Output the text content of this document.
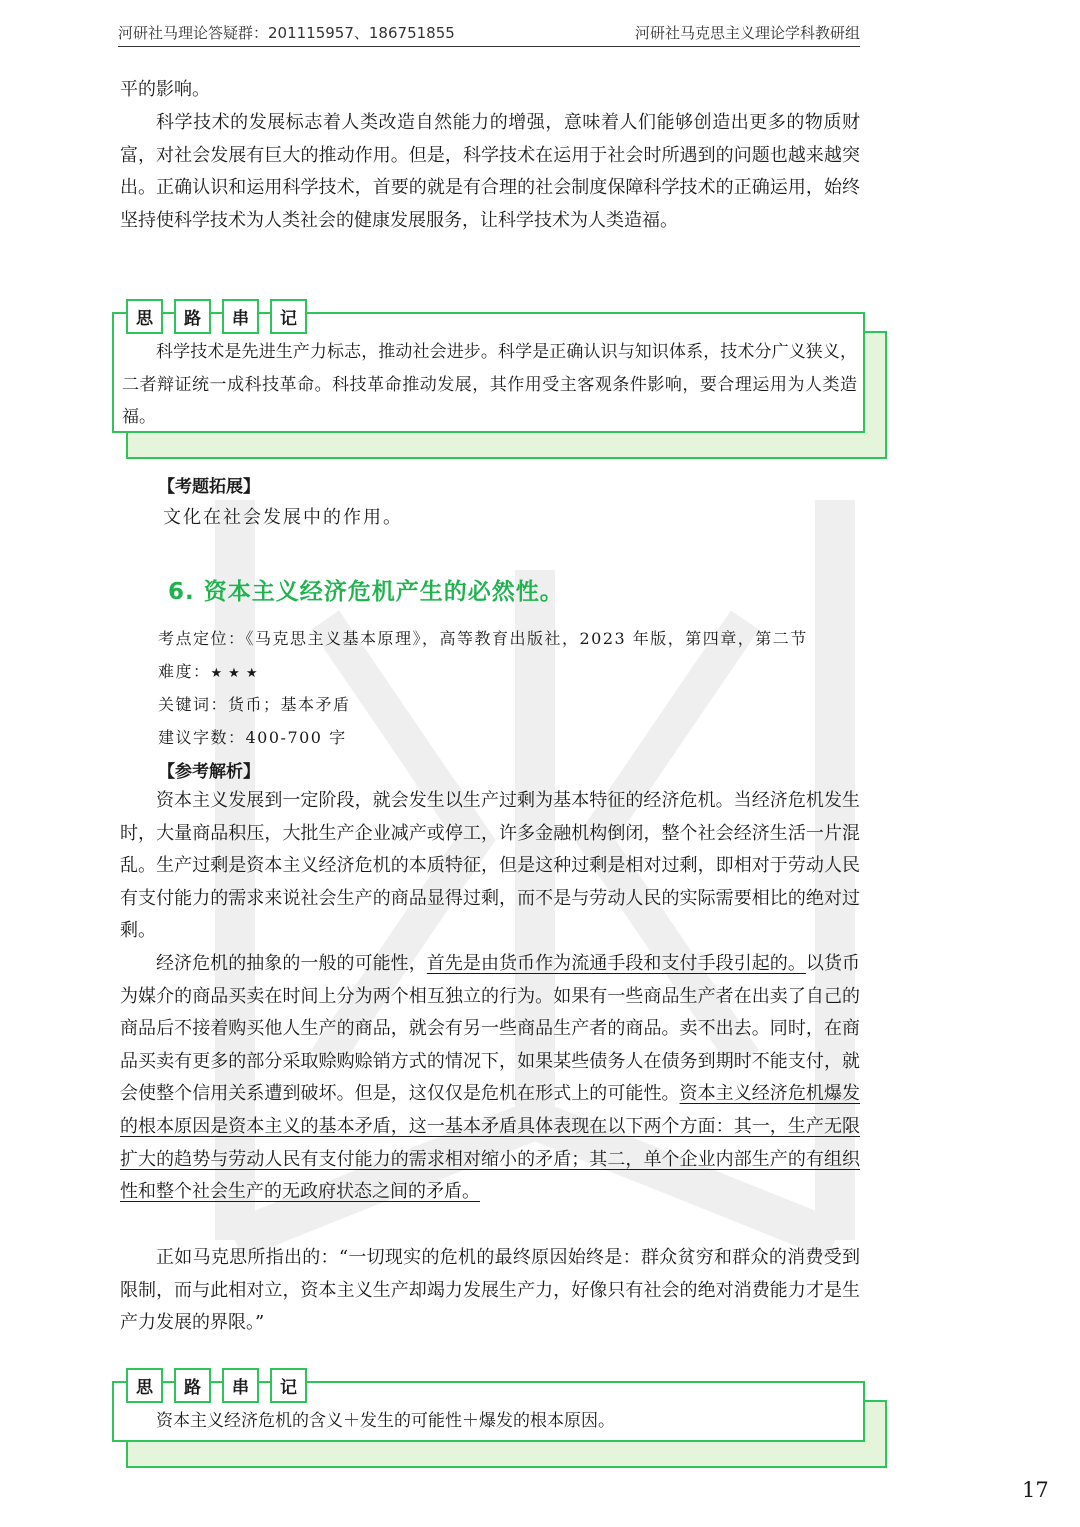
河研社马理论答疑群：201115957、186751855	河研社马克思主义理论学科教研组

平的影响。

科学技术的发展标志着人类改造自然能力的增强，意味着人们能够创造出更多的物质财富，对社会发展有巨大的推动作用。但是，科学技术在运用于社会时所遇到的问题也越来越突出。正确认识和运用科学技术，首要的就是有合理的社会制度保障科学技术的正确运用，始终坚持使科学技术为人类社会的健康发展服务，让科学技术为人类造福。

科学技术是先进生产力标志，推动社会进步。科学是正确认识与知识体系，技术分广义狭义，二者辩证统一成科技革命。科技革命推动发展，其作用受主客观条件影响，要合理运用为人类造福。

思	路	串	记
【考题拓展】
文化在社会发展中的作用。
6. 资本主义经济危机产生的必然性。
考点定位：《马克思主义基本原理》，高等教育出版社，2023 年版，第四章，第二节
难度：★★★
关键词：货币；基本矛盾
建议字数：400-700 字
【参考解析】

资本主义发展到一定阶段，就会发生以生产过剩为基本特征的经济危机。当经济危机发生时，大量商品积压，大批生产企业减产或停工，许多金融机构倒闭，整个社会经济生活一片混乱。生产过剩是资本主义经济危机的本质特征，但是这种过剩是相对过剩，即相对于劳动人民有支付能力的需求来说社会生产的商品显得过剩，而不是与劳动人民的实际需要相比的绝对过剩。

经济危机的抽象的一般的可能性，首先是由货币作为流通手段和支付手段引起的。以货币为媒介的商品买卖在时间上分为两个相互独立的行为。如果有一些商品生产者在出卖了自己的商品后不接着购买他人生产的商品，就会有另一些商品生产者的商品。卖不出去。同时，在商品买卖有更多的部分采取赊购赊销方式的情况下，如果某些债务人在债务到期时不能支付，就会使整个信用关系遭到破坏。但是，这仅仅是危机在形式上的可能性。资本主义经济危机爆发的根本原因是资本主义的基本矛盾，这一基本矛盾具体表现在以下两个方面：其一，生产无限扩大的趋势与劳动人民有支付能力的需求相对缩小的矛盾；其二，单个企业内部生产的有组织性和整个社会生产的无政府状态之间的矛盾。

正如马克思所指出的：“一切现实的危机的最终原因始终是：群众贫穷和群众的消费受到限制，而与此相对立，资本主义生产却竭力发展生产力，好像只有社会的绝对消费能力才是生产力发展的界限。”

资本主义经济危机的含义＋发生的可能性＋爆发的根本原因。

思	路	串	记
17
